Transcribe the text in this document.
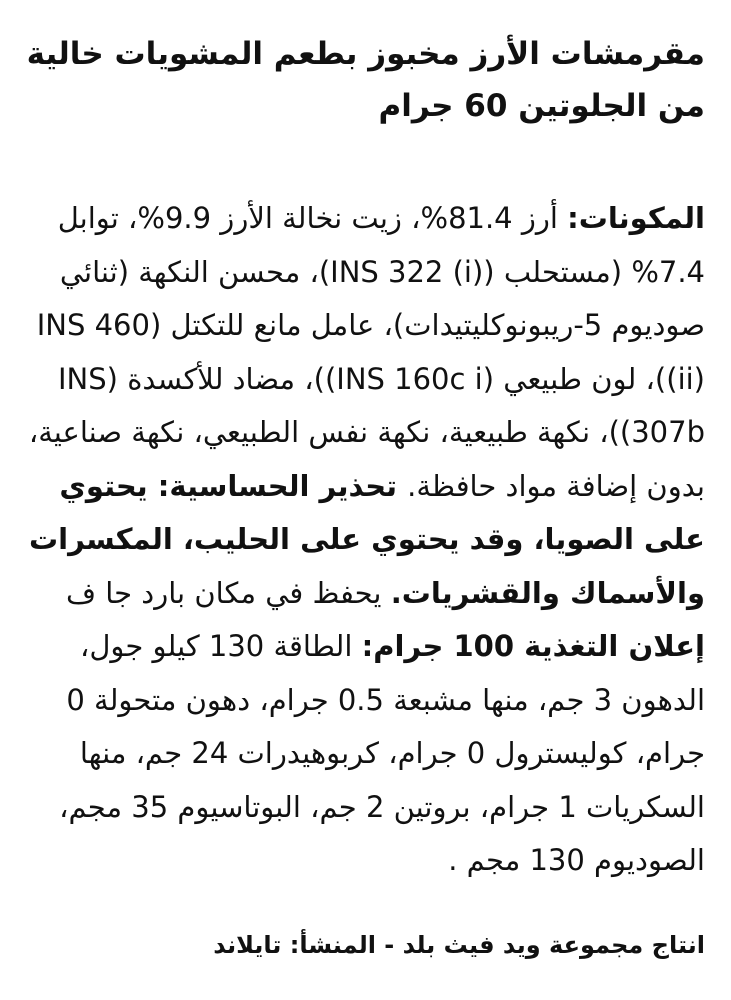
مقرمشات الأرز مخبوز بطعم المشويات خالية من الجلوتين 60 جرام

المكونات: أرز 81.4%، زيت نخالة الأرز 9.9%، توابل 7.4% (مستحلب (INS 322 (i))، محسن النكهة (ثنائي صوديوم 5-ريبونوكليتيدات)، عامل مانع للتكتل (INS 460 (ii))، لون طبيعي (INS 160c i))، مضاد للأكسدة (INS 307b))، نكهة طبيعية، نكهة نفس الطبيعي، نكهة صناعية، بدون إضافة مواد حافظة. تحذير الحساسية: يحتوي على الصويا، وقد يحتوي على الحليب، المكسرات والأسماك والقشريات. يحفظ في مكان بارد جا ف

إعلان التغذية 100 جرام: الطاقة 130 كيلو جول، الدهون 3 جم، منها مشبعة 0.5 جرام، دهون متحولة 0 جرام، كوليسترول 0 جرام، كربوهيدرات 24 جم، منها السكريات 1 جرام، بروتين 2 جم، البوتاسيوم 35 مجم، الصوديوم 130 مجم .

انتاج مجموعة ويد فيث بلد - المنشأ: تايلاند
